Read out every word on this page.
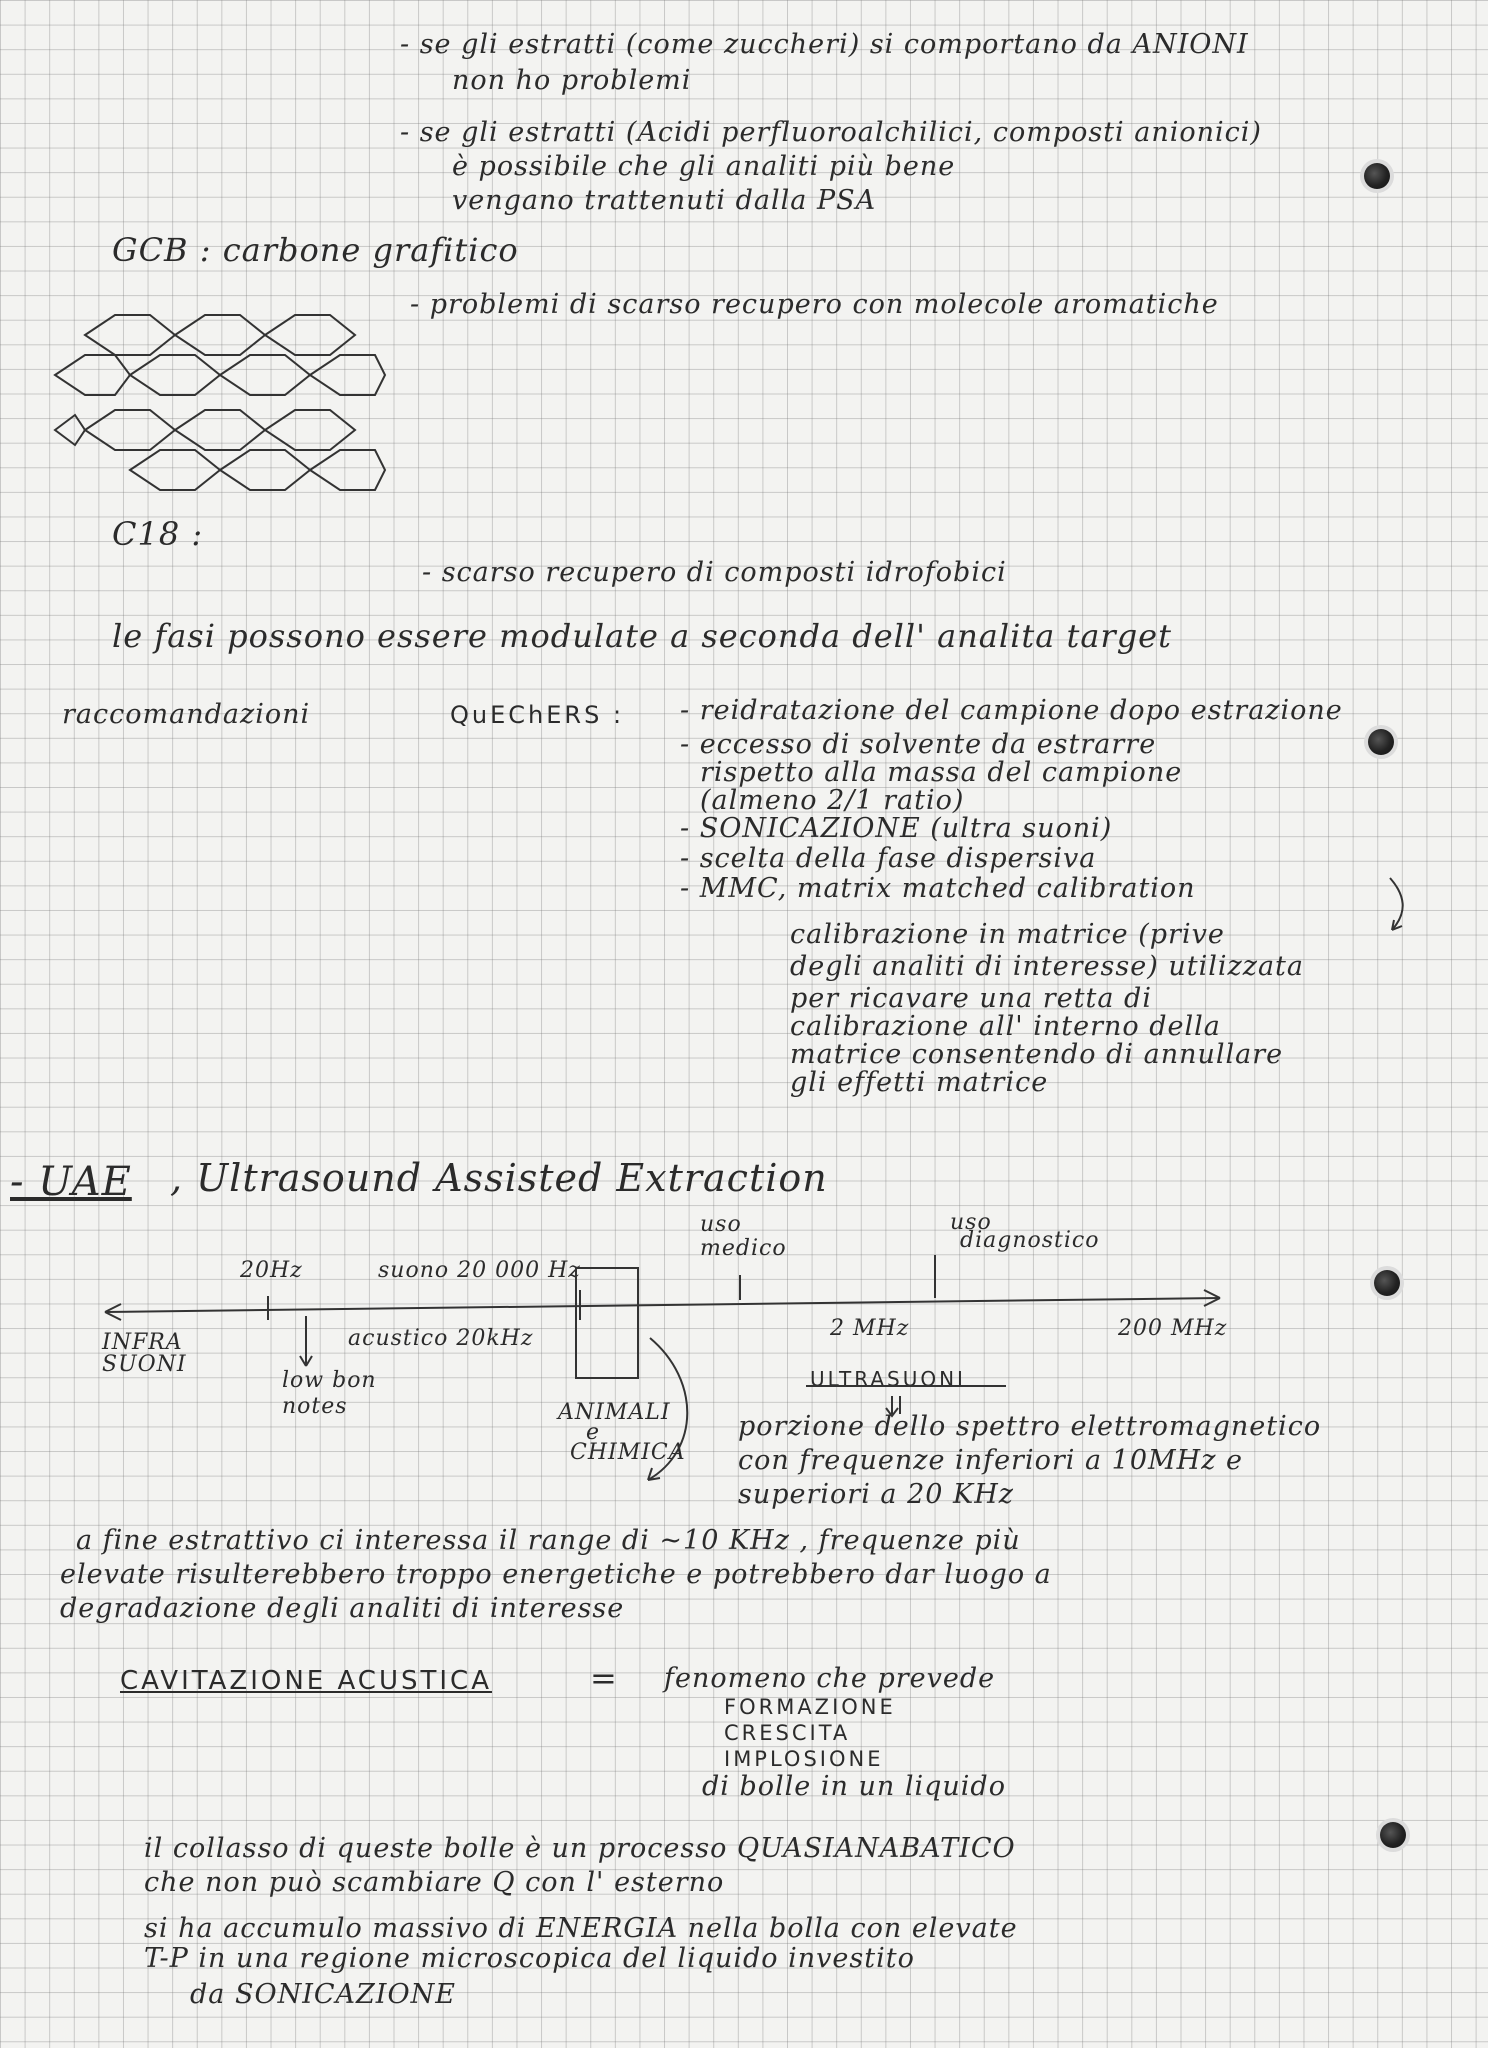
- se gli estratti (come zuccheri) si comportano da ANIONI
non ho problemi
- se gli estratti (Acidi perfluoroalchilici, composti anionici)
è possibile che gli analiti più bene
vengano trattenuti dalla PSA
GCB : carbone grafitico
- problemi di scarso recupero con molecole aromatiche
C18 :
- scarso recupero di composti idrofobici
le fasi possono essere modulate a seconda dell' analita target
raccomandazioni	QuEChERS : - reidratazione del campione dopo estrazione
- eccesso di solvente da estrarre
rispetto alla massa del campione
(almeno 2/1 ratio)
- SONICAZIONE (ultra suoni)
- scelta della fase dispersiva
- MMC, matrix matched calibration
calibrazione in matrice (prive
degli analiti di interesse) utilizzata
per ricavare una retta di
calibrazione all' interno della
matrice consentendo di annullare
gli effetti matrice
- UAE , Ultrasound Assisted Extraction
uso
medico
uso
diagnostico
20Hz	suono 20 000 Hz
INFRA
SUONI
acustico 20kHz	2 MHz	200 MHz
low bon
notes	ANIMALI
e
CHIMICA
ULTRASUONI
porzione dello spettro elettromagnetico
con frequenze inferiori a 10MHz e
superiori a 20 KHz
a fine estrattivo ci interessa il range di ~10 KHz , frequenze più
elevate risulterebbero troppo energetiche e potrebbero dar luogo a
degradazione degli analiti di interesse
CAVITAZIONE ACUSTICA	= fenomeno che prevede
FORMAZIONE
CRESCITA
IMPLOSIONE
di bolle in un liquido
il collasso di queste bolle è un processo QUASIANABATICO
che non può scambiare Q con l' esterno
si ha accumulo massivo di ENERGIA nella bolla con elevate
T-P in una regione microscopica del liquido investito
da SONICAZIONE
